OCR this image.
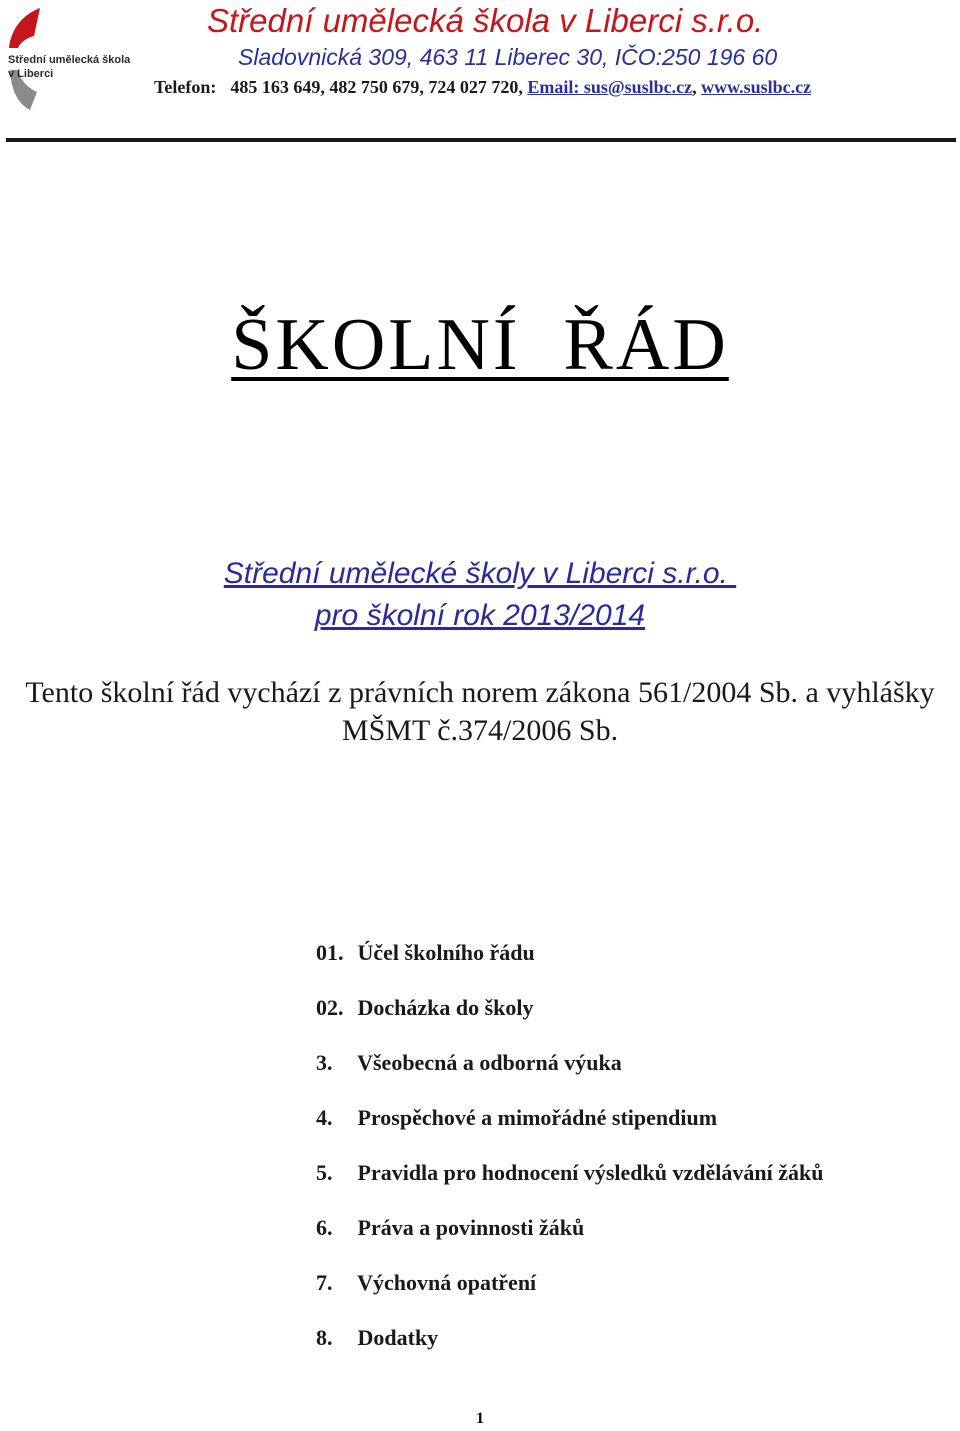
Střední umělecká škola
v Liberci
Střední umělecká škola v Liberci s.r.o.
Sladovnická 309, 463 11 Liberec 30, IČO:250 196 60
Telefon: 485 163 649, 482 750 679, 724 027 720, Email: sus@suslbc.cz, www.suslbc.cz
ŠKOLNÍ  ŘÁD
Střední umělecké školy v Liberci s.r.o.
pro školní rok 2013/2014
Tento školní řád vychází z právních norem zákona 561/2004 Sb. a vyhlášky MŠMT č.374/2006 Sb.
01. Účel školního řádu
02. Docházka do školy
3. Všeobecná a odborná výuka
4. Prospěchové a mimořádné stipendium
5. Pravidla pro hodnocení výsledků vzdělávání žáků
6. Práva a povinnosti žáků
7. Výchovná opatření
8. Dodatky
1
